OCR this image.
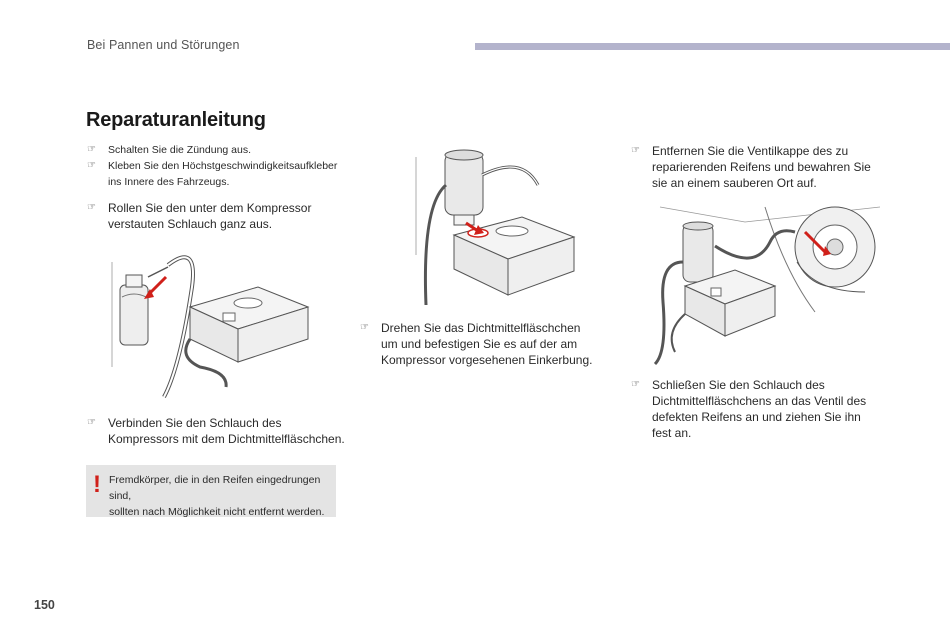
Bei Pannen und Störungen
Reparaturanleitung
☞ Schalten Sie die Zündung aus.
☞ Kleben Sie den Höchstgeschwindigkeitsaufkleber
ins Innere des Fahrzeugs.
☞ Rollen Sie den unter dem Kompressor
verstauten Schlauch ganz aus.
☞ Verbinden Sie den Schlauch des
Kompressors mit dem Dichtmittelfläschchen.
! Fremdkörper, die in den Reifen eingedrungen sind,
sollten nach Möglichkeit nicht entfernt werden.
☞ Drehen Sie das Dichtmittelfläschchen
um und befestigen Sie es auf der am
Kompressor vorgesehenen Einkerbung.
☞ Entfernen Sie die Ventilkappe des zu
reparierenden Reifens und bewahren Sie
sie an einem sauberen Ort auf.
☞ Schließen Sie den Schlauch des
Dichtmittelfläschchens an das Ventil des
defekten Reifens an und ziehen Sie ihn
fest an.
150
